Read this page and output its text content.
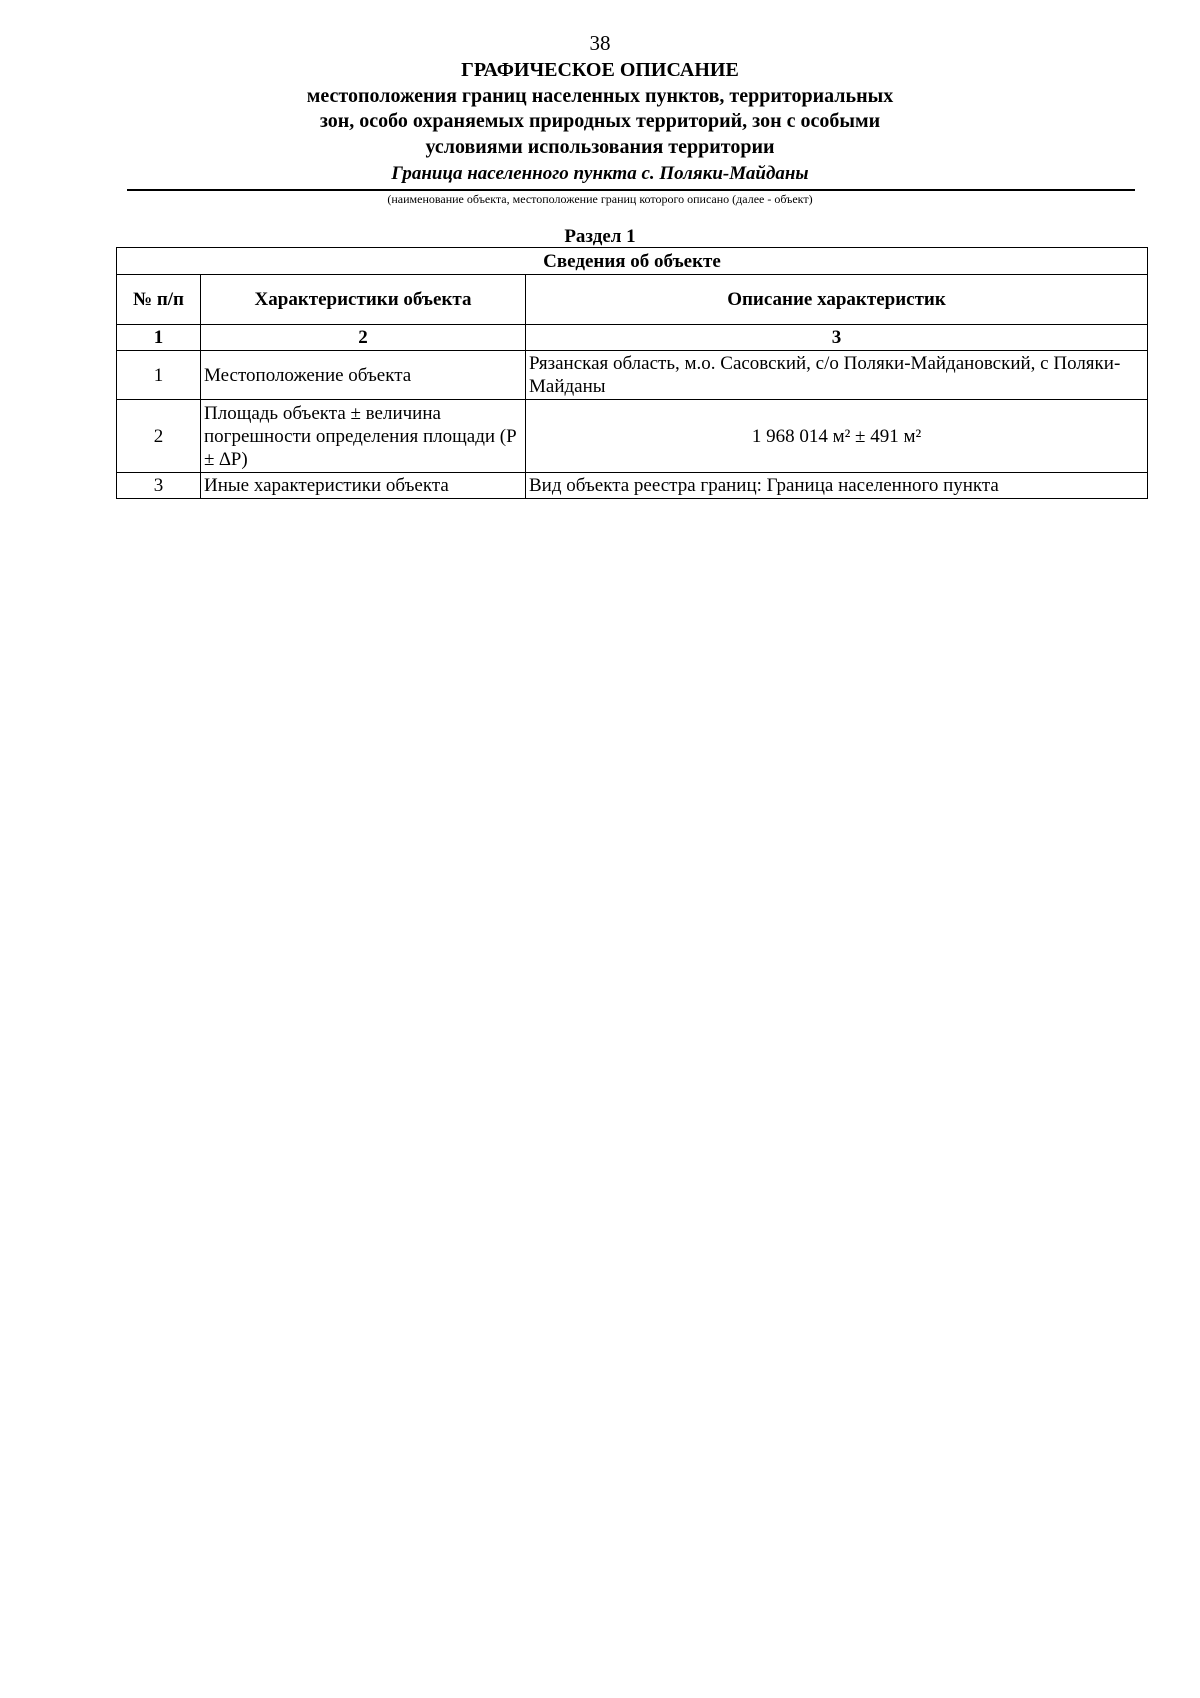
38
ГРАФИЧЕСКОЕ ОПИСАНИЕ
местоположения границ населенных пунктов, территориальных
зон, особо охраняемых природных территорий, зон с особыми
условиями использования территории
Граница населенного пункта с. Поляки-Майданы
(наименование объекта, местоположение границ которого описано (далее - объект)
Раздел 1
Сведения об объекте		
№ п/п	Характеристики объекта	Описание характеристик
1	2	3
1	Местоположение объекта	Рязанская область, м.о. Сасовский, с/о Поляки-Майдановский, с Поляки-Майданы
2	Площадь объекта ± величина погрешности определения площади (P ± ∆P)	1 968 014 м² ± 491 м²
3	Иные характеристики объекта	Вид объекта реестра границ: Граница населенного пункта
